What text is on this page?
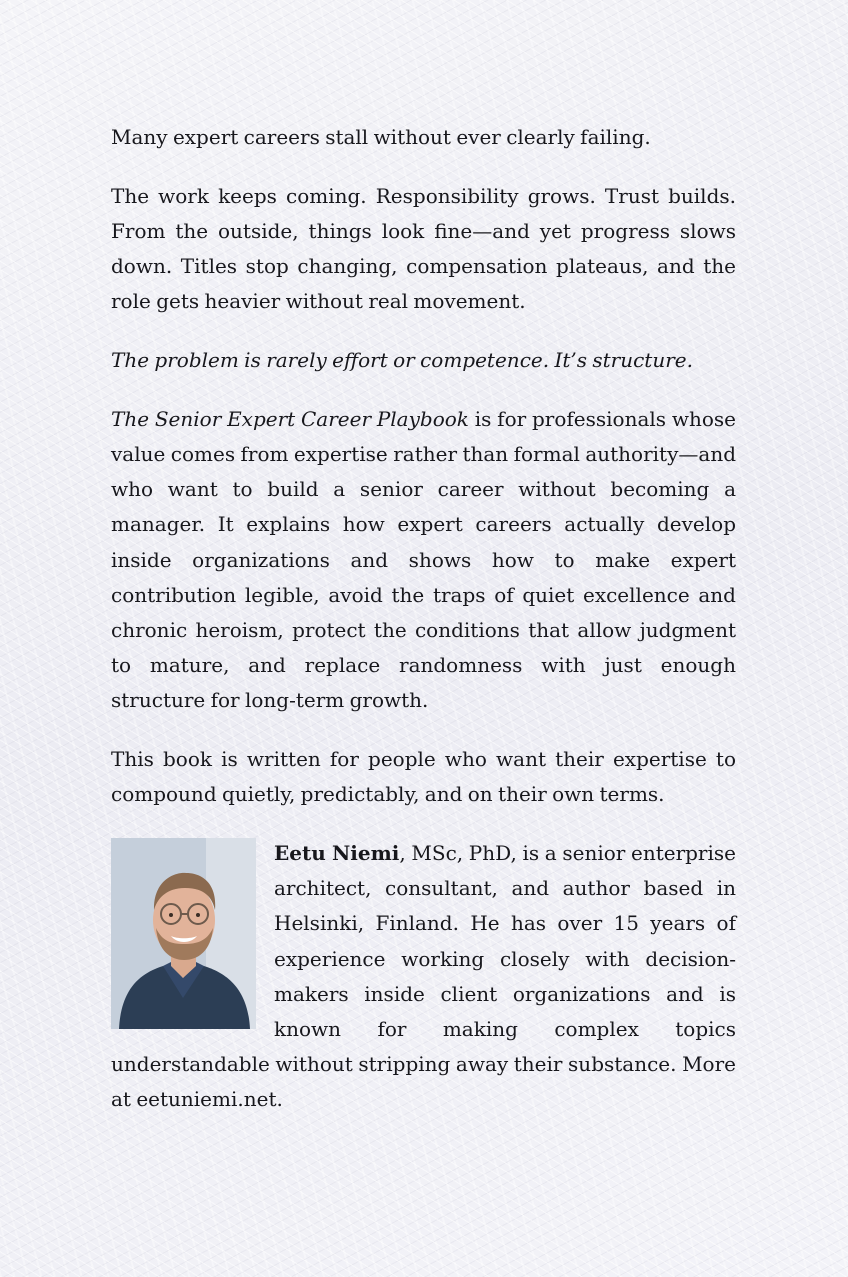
Many expert careers stall without ever clearly failing.

The work keeps coming. Responsibility grows. Trust builds. From the outside, things look fine—and yet progress slows down. Titles stop changing, compensation plateaus, and the role gets heavier without real movement.

The problem is rarely effort or competence. It’s structure.

The Senior Expert Career Playbook is for professionals whose value comes from expertise rather than formal authority—and who want to build a senior career without becoming a manager. It explains how expert careers actually develop inside organizations and shows how to make expert contribution legible, avoid the traps of quiet excellence and chronic heroism, protect the conditions that allow judgment to mature, and replace randomness with just enough structure for long-term growth.

This book is written for people who want their expertise to compound quietly, predictably, and on their own terms.

Eetu Niemi, MSc, PhD, is a senior enterprise architect, consultant, and author based in Helsinki, Finland. He has over 15 years of experience working closely with decision-makers inside client organizations and is known for making complex topics understandable without stripping away their substance. More at eetuniemi.net.
